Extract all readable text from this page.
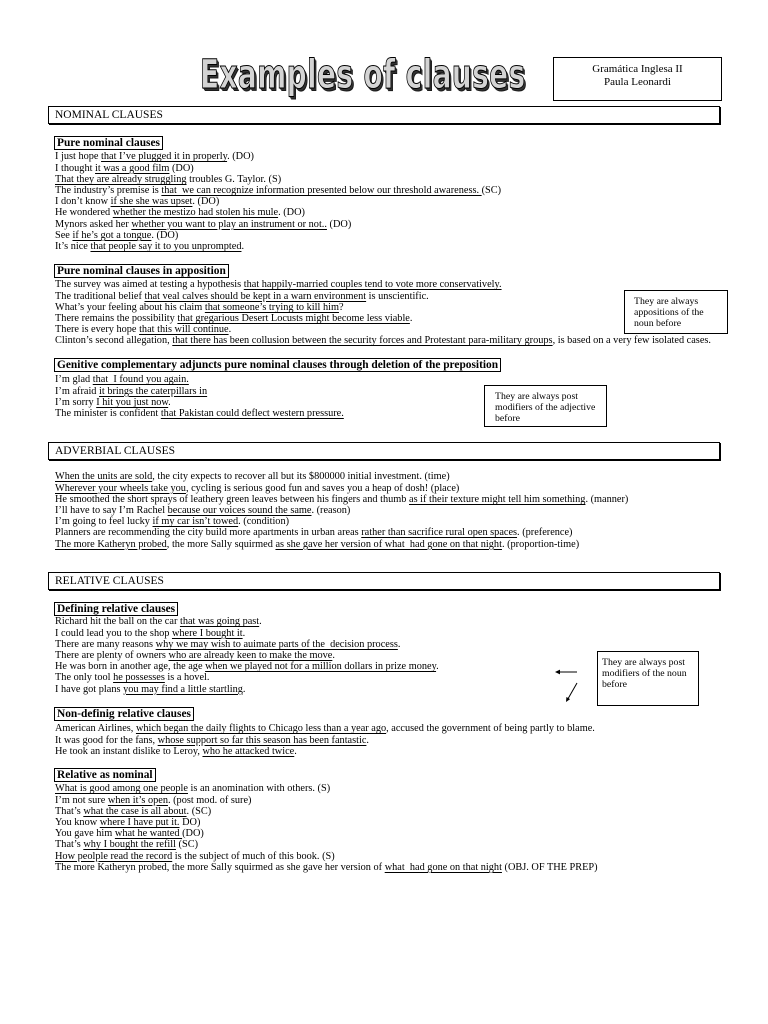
Examples of clauses	Gramática Inglesa II
Paula Leonardi
NOMINAL CLAUSES
Pure nominal clauses
I just hope that I’ve plugged it in properly. (DO)
I thought it was a good film (DO)
That they are already struggling troubles G. Taylor. (S)
The industry’s premise is that  we can recognize information presented below our threshold awareness. (SC)
I don’t know if she she was upset. (DO)
He wondered whether the mestizo had stolen his mule. (DO)
Mynors asked her whether you want to play an instrument or not.. (DO)
See if he’s got a tongue. (DO)
It’s nice that people say it to you unprompted.
Pure nominal clauses in apposition
The survey was aimed at testing a hypothesis that happily-married couples tend to vote more conservatively.
The traditional belief that veal calves should be kept in a warn environment is unscientific.
What’s your feeling about his claim that someone’s trying to kill him?
There remains the possibility that gregarious Desert Locusts might become less viable.
There is every hope that this will continue.
Clinton’s second allegation, that there has been collusion between the security forces and Protestant para-military groups, is based on a very few isolated cases.
They are always appositions of the noun before
Genitive complementary adjuncts pure nominal clauses through deletion of the preposition
I’m glad that  I found you again.
I’m afraid it brings the caterpillars in
I’m sorry I hit you just now.
The minister is confident that Pakistan could deflect western pressure.
They are always post modifiers of the adjective before
ADVERBIAL CLAUSES
When the units are sold, the city expects to recover all but its $800000 initial investment. (time)
Wherever your wheels take you, cycling is serious good fun and saves you a heap of dosh! (place)
He smoothed the short sprays of leathery green leaves between his fingers and thumb as if their texture might tell him something. (manner)
I’ll have to say I’m Rachel because our voices sound the same. (reason)
I’m going to feel lucky if my car isn’t towed. (condition)
Planners are recommending the city build more apartments in urban areas rather than sacrifice rural open spaces. (preference)
The more Katheryn probed, the more Sally squirmed as she gave her version of what  had gone on that night. (proportion-time)
RELATIVE CLAUSES
Defining relative clauses
Richard hit the ball on the car that was going past.
I could lead you to the shop where I bought it.
There are many reasons why we may wish to auimate parts of the  decision process.
There are plenty of owners who are already keen to make the move.
He was born in another age, the age when we played not for a million dollars in prize money.
The only tool he possesses is a hovel.
I have got plans you may find a little startling.
They are always post modifiers of the noun before
Non-definig relative clauses
American Airlines, which began the daily flights to Chicago less than a year ago, accused the government of being partly to blame.
It was good for the fans, whose support so far this season has been fantastic.
He took an instant dislike to Leroy, who he attacked twice.
Relative as nominal
What is good among one people is an anomination with others. (S)
I’m not sure when it’s open. (post mod. of sure)
That’s what the case is all about. (SC)
You know where I have put it. DO)
You gave him what he wanted (DO)
That’s why I bought the refill (SC)
How peolple read the record is the subject of much of this book. (S)
The more Katheryn probed, the more Sally squirmed as she gave her version of what  had gone on that night (OBJ. OF THE PREP)
